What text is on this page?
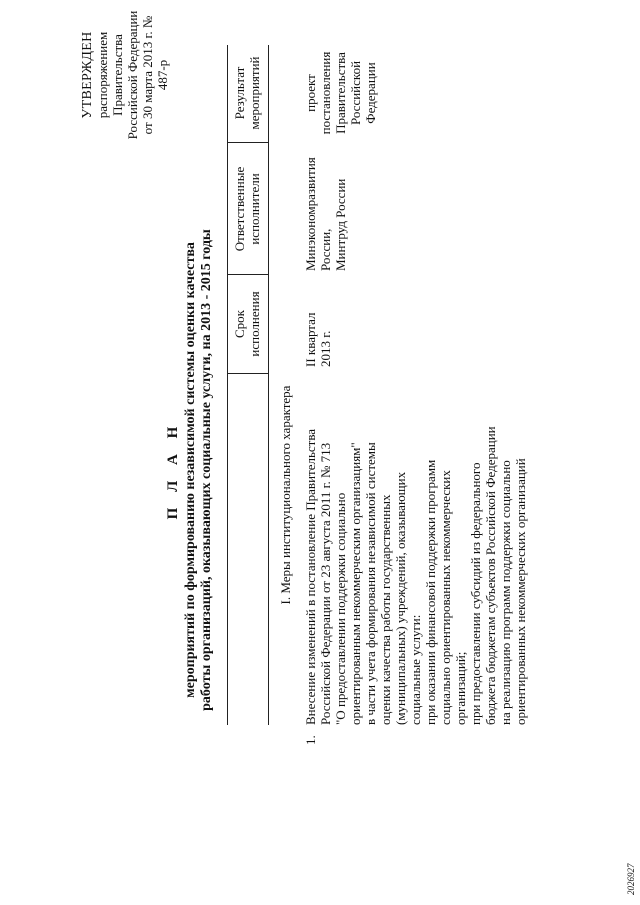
УТВЕРЖДЕН распоряжением Правительства Российской Федерации от 30 марта 2013 г. № 487-р
П Л А Н мероприятий по формированию независимой системы оценки качества работы организаций, оказывающих социальные услуги, на 2013 - 2015 годы Срок исполнения
Ответственные исполнители
Результат мероприятий
I. Меры институционального характера
1.
Внесение изменений в постановление Правительства Российской Федерации от 23 августа 2011 г. № 713 "О предоставлении поддержки социально ориентированным некоммерческим организациям" в части учета формирования независимой системы оценки качества работы государственных (муниципальных) учреждений, оказывающих социальные услуги: при оказании финансовой поддержки программ социально ориентированных некоммерческих организаций; при предоставлении субсидий из федерального бюджета бюджетам субъектов Российской Федерации на реализацию программ поддержки социально ориентированных некоммерческих организаций
II квартал 2013 г.
Минэкономразвития России, Минтруд России
проект постановления Правительства Российской Федерации
2026927
